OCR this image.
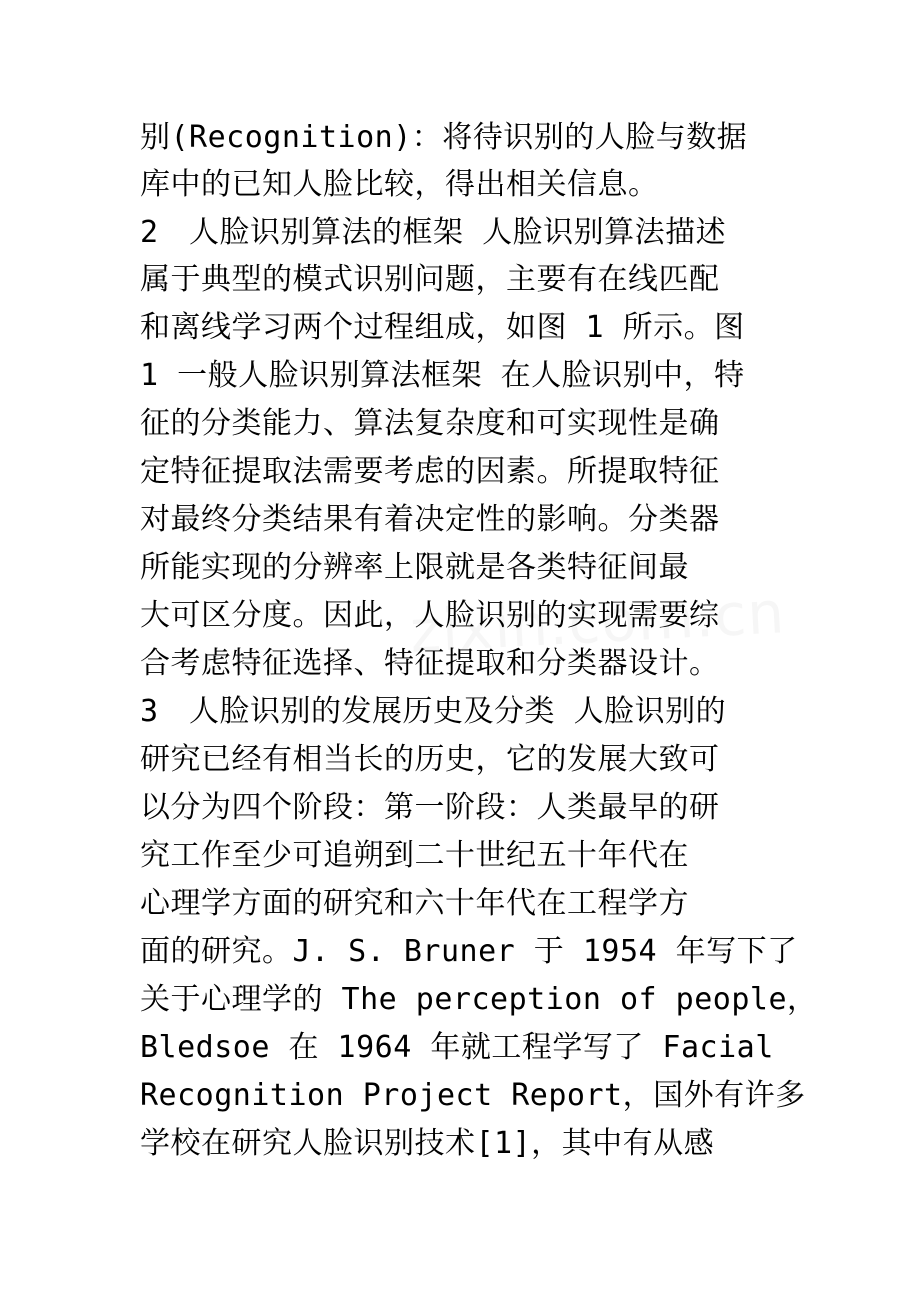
别(Recognition)：将待识别的人脸与数据
库中的已知人脸比较，得出相关信息。
2　人脸识别算法的框架 人脸识别算法描述
属于典型的模式识别问题，主要有在线匹配
和离线学习两个过程组成，如图 1 所示。图
1 一般人脸识别算法框架 在人脸识别中，特
征的分类能力、算法复杂度和可实现性是确
定特征提取法需要考虑的因素。所提取特征
对最终分类结果有着决定性的影响。分类器
所能实现的分辨率上限就是各类特征间最
大可区分度。因此，人脸识别的实现需要综
合考虑特征选择、特征提取和分类器设计。
3　人脸识别的发展历史及分类 人脸识别的
研究已经有相当长的历史，它的发展大致可
以分为四个阶段：第一阶段：人类最早的研
究工作至少可追朔到二十世纪五十年代在
心理学方面的研究和六十年代在工程学方
面的研究。J. S. Bruner 于 1954 年写下了
关于心理学的 The perception of people，
Bledsoe 在 1964 年就工程学写了 Facial
Recognition Project Report，国外有许多
学校在研究人脸识别技术[1]，其中有从感
